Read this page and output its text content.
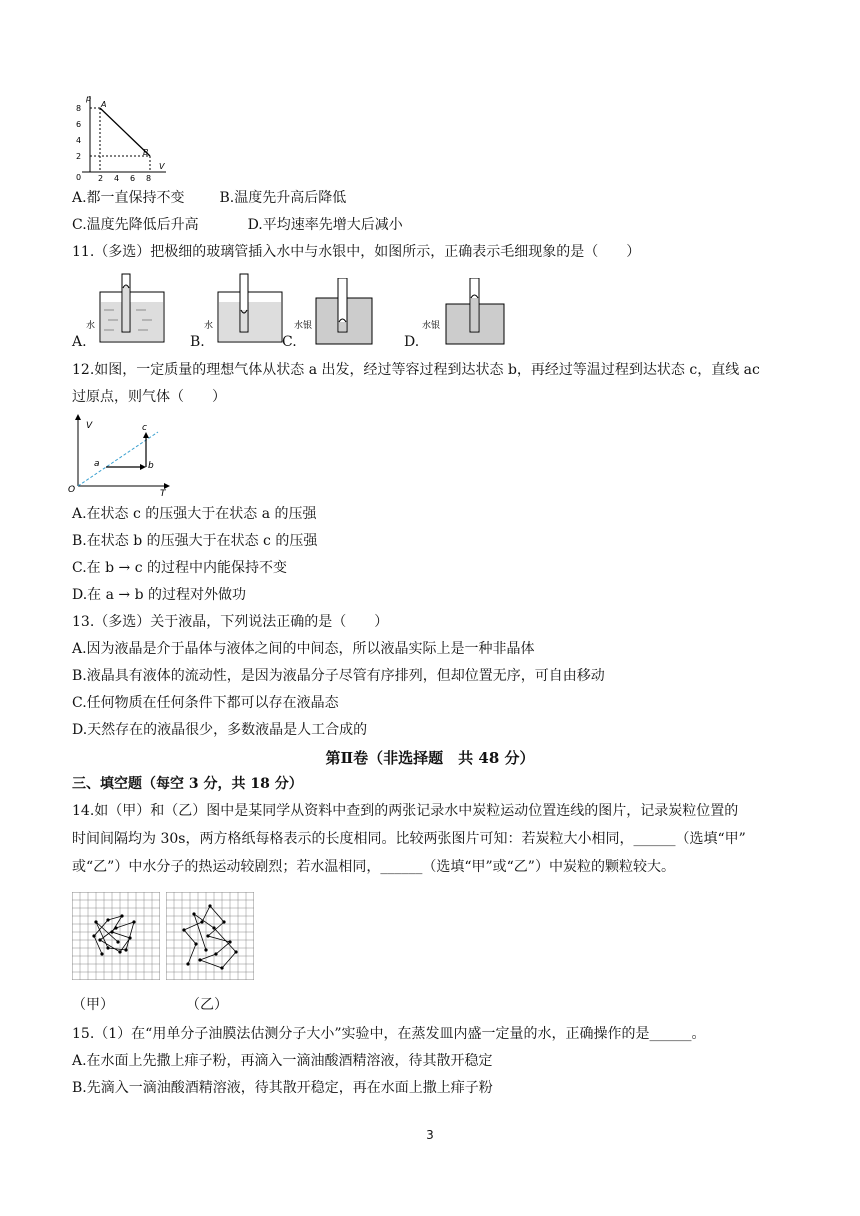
p
V
A
B
8
6
4
2
0 2 4 6 8
A.都一直保持不变 B.温度先升高后降低
C.温度先降低后升高	D.平均速率先增大后减小
11.（多选）把极细的玻璃管插入水中与水银中，如图所示，正确表示毛细现象的是（　　）
A.
水
B.
水
C.
水银
D.
水银
12.如图，一定质量的理想气体从状态 a 出发，经过等容过程到达状态 b，再经过等温过程到达状态 c，直线 ac
过原点，则气体（　　）
V
T
O
a	b
c
A.在状态 c 的压强大于在状态 a 的压强
B.在状态 b 的压强大于在状态 c 的压强
C.在 b → c 的过程中内能保持不变
D.在 a → b 的过程对外做功
13.（多选）关于液晶，下列说法正确的是（　　）
A.因为液晶是介于晶体与液体之间的中间态，所以液晶实际上是一种非晶体
B.液晶具有液体的流动性，是因为液晶分子尽管有序排列，但却位置无序，可自由移动
C.任何物质在任何条件下都可以存在液晶态
D.天然存在的液晶很少，多数液晶是人工合成的
第Ⅱ卷（非选择题　共 48 分）
三、填空题（每空 3 分，共 18 分）
14.如（甲）和（乙）图中是某同学从资料中查到的两张记录水中炭粒运动位置连线的图片，记录炭粒位置的
时间间隔均为 30s，两方格纸每格表示的长度相同。比较两张图片可知：若炭粒大小相同，______（选填“甲”
或“乙”）中水分子的热运动较剧烈；若水温相同，______（选填“甲”或“乙”）中炭粒的颗粒较大。
（甲）	（乙）
15.（1）在“用单分子油膜法估测分子大小”实验中，在蒸发皿内盛一定量的水，正确操作的是______。
A.在水面上先撒上痱子粉，再滴入一滴油酸酒精溶液，待其散开稳定
B.先滴入一滴油酸酒精溶液，待其散开稳定，再在水面上撒上痱子粉
3
